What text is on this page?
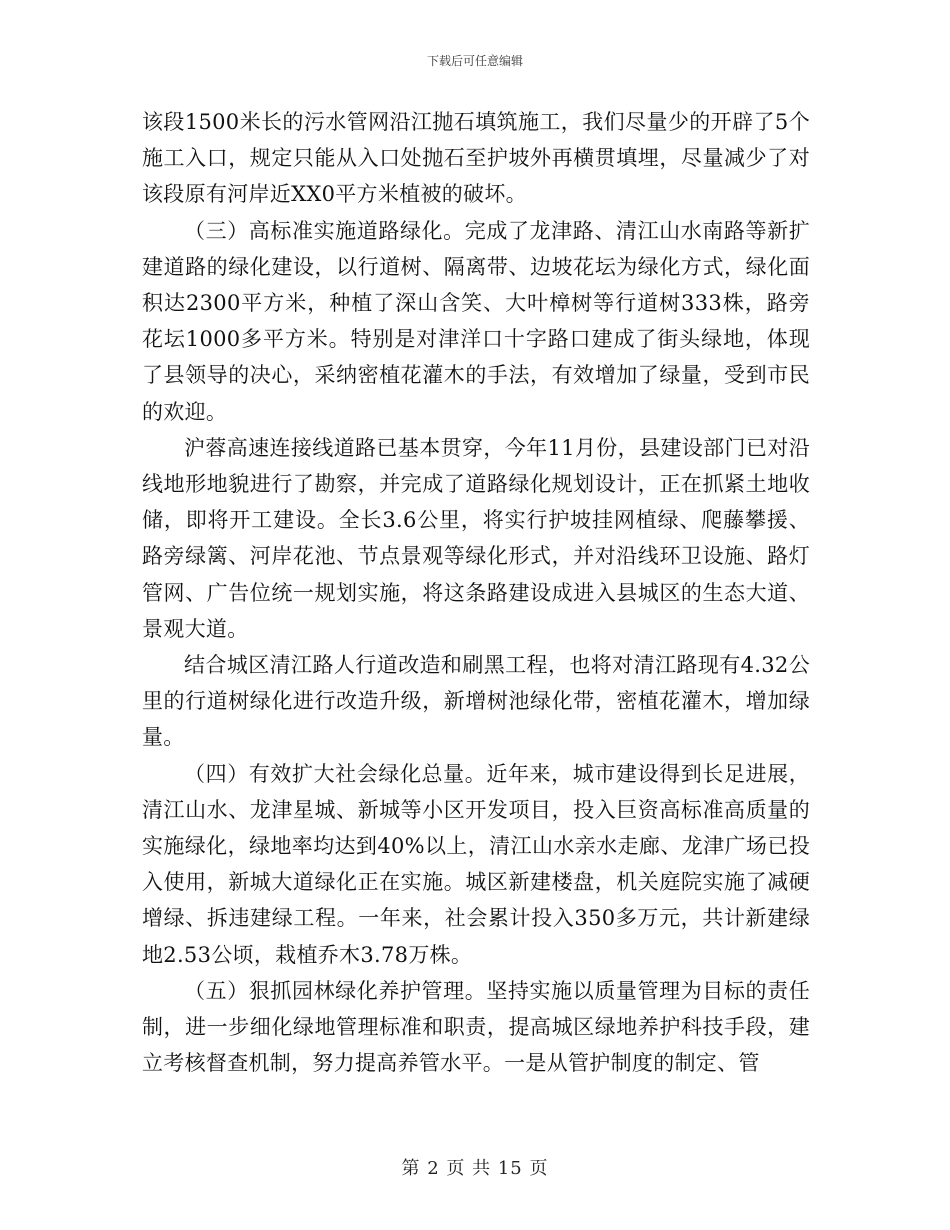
下载后可任意编辑

该段1500米长的污水管网沿江抛石填筑施工，我们尽量少的开辟了5个施工入口，规定只能从入口处抛石至护坡外再横贯填埋，尽量减少了对该段原有河岸近XX0平方米植被的破坏。

（三）高标准实施道路绿化。完成了龙津路、清江山水南路等新扩建道路的绿化建设，以行道树、隔离带、边坡花坛为绿化方式，绿化面积达2300平方米，种植了深山含笑、大叶樟树等行道树333株，路旁花坛1000多平方米。特别是对津洋口十字路口建成了街头绿地，体现了县领导的决心，采纳密植花灌木的手法，有效增加了绿量，受到市民的欢迎。

沪蓉高速连接线道路已基本贯穿，今年11月份，县建设部门已对沿线地形地貌进行了勘察，并完成了道路绿化规划设计，正在抓紧土地收储，即将开工建设。全长3.6公里，将实行护坡挂网植绿、爬藤攀援、路旁绿篱、河岸花池、节点景观等绿化形式，并对沿线环卫设施、路灯管网、广告位统一规划实施，将这条路建设成进入县城区的生态大道、景观大道。

结合城区清江路人行道改造和刷黑工程，也将对清江路现有4.32公里的行道树绿化进行改造升级，新增树池绿化带，密植花灌木，增加绿量。

（四）有效扩大社会绿化总量。近年来，城市建设得到长足进展，清江山水、龙津星城、新城等小区开发项目，投入巨资高标准高质量的实施绿化，绿地率均达到40%以上，清江山水亲水走廊、龙津广场已投入使用，新城大道绿化正在实施。城区新建楼盘，机关庭院实施了减硬增绿、拆违建绿工程。一年来，社会累计投入350多万元，共计新建绿地2.53公顷，栽植乔木3.78万株。

（五）狠抓园林绿化养护管理。坚持实施以质量管理为目标的责任制，进一步细化绿地管理标准和职责，提高城区绿地养护科技手段，建立考核督查机制，努力提高养管水平。一是从管护制度的制定、管

第 2 页 共 15 页
